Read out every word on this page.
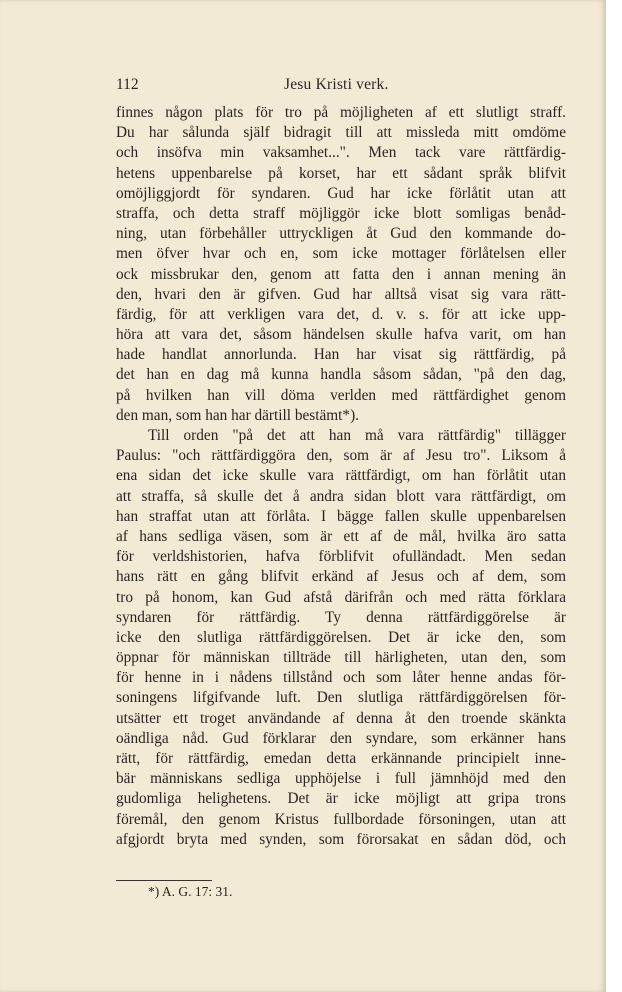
112	Jesu Kristi verk.
finnes någon plats för tro på möjligheten af ett slutligt straff.
Du har sålunda själf bidragit till att missleda mitt omdöme
och insöfva min vaksamhet...". Men tack vare rättfärdig-
hetens uppenbarelse på korset, har ett sådant språk blifvit
omöjliggjordt för syndaren. Gud har icke förlåtit utan att
straffa, och detta straff möjliggör icke blott somligas benåd-
ning, utan förbehåller uttryckligen åt Gud den kommande do-
men öfver hvar och en, som icke mottager förlåtelsen eller
ock missbrukar den, genom att fatta den i annan mening än
den, hvari den är gifven. Gud har alltså visat sig vara rätt-
färdig, för att verkligen vara det, d. v. s. för att icke upp-
höra att vara det, såsom händelsen skulle hafva varit, om han
hade handlat annorlunda. Han har visat sig rättfärdig, på
det han en dag må kunna handla såsom sådan, "på den dag,
på hvilken han vill döma verlden med rättfärdighet genom
den man, som han har därtill bestämt*).
Till orden "på det att han må vara rättfärdig" tillägger
Paulus: "och rättfärdiggöra den, som är af Jesu tro". Liksom å
ena sidan det icke skulle vara rättfärdigt, om han förlåtit utan
att straffa, så skulle det å andra sidan blott vara rättfärdigt, om
han straffat utan att förlåta. I bägge fallen skulle uppenbarelsen
af hans sedliga väsen, som är ett af de mål, hvilka äro satta
för verldshistorien, hafva förblifvit ofulländadt. Men sedan
hans rätt en gång blifvit erkänd af Jesus och af dem, som
tro på honom, kan Gud afstå därifrån och med rätta förklara
syndaren för rättfärdig. Ty denna rättfärdiggörelse är
icke den slutliga rättfärdiggörelsen. Det är icke den, som
öppnar för människan tillträde till härligheten, utan den, som
för henne in i nådens tillstånd och som låter henne andas för-
soningens lifgifvande luft. Den slutliga rättfärdiggörelsen för-
utsätter ett troget användande af denna åt den troende skänkta
oändliga nåd. Gud förklarar den syndare, som erkänner hans
rätt, för rättfärdig, emedan detta erkännande principielt inne-
bär människans sedliga upphöjelse i full jämnhöjd med den
gudomliga helighetens. Det är icke möjligt att gripa trons
föremål, den genom Kristus fullbordade försoningen, utan att
afgjordt bryta med synden, som förorsakat en sådan död, och
*) A. G. 17: 31.
